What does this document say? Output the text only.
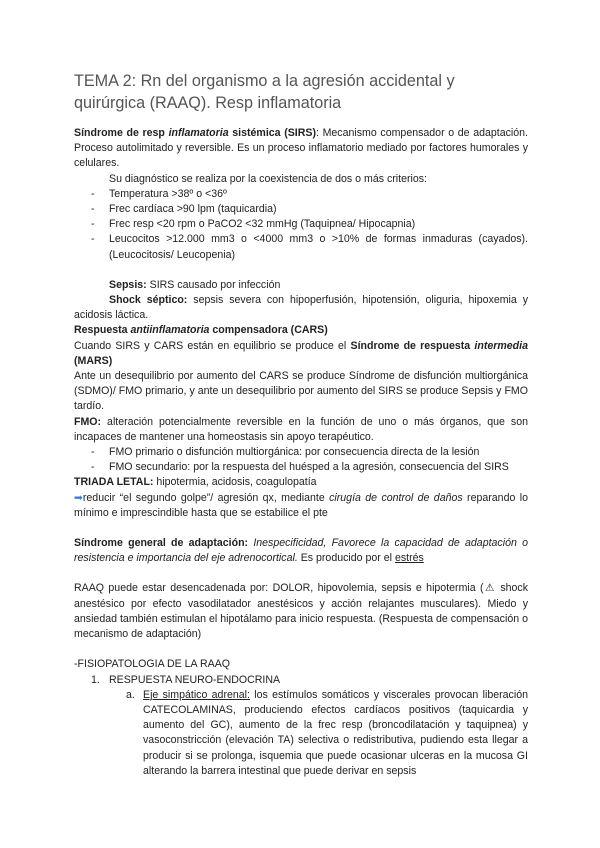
TEMA 2: Rn del organismo a la agresión accidental y quirúrgica (RAAQ). Resp inflamatoria

Síndrome de resp inflamatoria sistémica (SIRS): Mecanismo compensador o de adaptación. Proceso autolimitado y reversible. Es un proceso inflamatorio mediado por factores humorales y celulares.

Su diagnóstico se realiza por la coexistencia de dos o más criterios:

- Temperatura >38º o <36º
- Frec cardíaca >90 lpm (taquicardia)
- Frec resp <20 rpm o PaCO2 <32 mmHg (Taquipnea/ Hipocapnia)
- Leucocitos >12.000 mm3 o <4000 mm3 o >10% de formas inmaduras (cayados). (Leucocitosis/ Leucopenia)

Sepsis: SIRS causado por infección

Shock séptico: sepsis severa con hipoperfusión, hipotensión, oliguria, hipoxemia y acidosis láctica.

Respuesta antiinflamatoria compensadora (CARS)

Cuando SIRS y CARS están en equilibrio se produce el Síndrome de respuesta intermedia (MARS)

Ante un desequilibrio por aumento del CARS se produce Síndrome de disfunción multiorgánica (SDMO)/ FMO primario, y ante un desequilibrio por aumento del SIRS se produce Sepsis y FMO tardío.

FMO: alteración potencialmente reversible en la función de uno o más órganos, que son incapaces de mantener una homeostasis sin apoyo terapéutico.

- FMO primario o disfunción multiorgánica: por consecuencia directa de la lesión
- FMO secundario: por la respuesta del huésped a la agresión, consecuencia del SIRS

TRIADA LETAL: hipotermia, acidosis, coagulopatía

➡reducir “el segundo golpe”/ agresión qx, mediante cirugía de control de daños reparando lo mínimo e imprescindible hasta que se estabilice el pte

Síndrome general de adaptación: Inespecificidad, Favorece la capacidad de adaptación o resistencia e importancia del eje adrenocortical. Es producido por el estrés

RAAQ puede estar desencadenada por: DOLOR, hipovolemia, sepsis e hipotermia (⚠ shock anestésico por efecto vasodilatador anestésicos y acción relajantes musculares). Miedo y ansiedad también estimulan el hipotálamo para inicio respuesta. (Respuesta de compensación o mecanismo de adaptación)

-FISIOPATOLOGIA DE LA RAAQ

1. RESPUESTA NEURO-ENDOCRINA
a. Eje simpático adrenal: los estímulos somáticos y viscerales provocan liberación CATECOLAMINAS, produciendo efectos cardíacos positivos (taquicardia y aumento del GC), aumento de la frec resp (broncodilatación y taquipnea) y vasoconstricción (elevación TA) selectiva o redistributiva, pudiendo esta llegar a producir si se prolonga, isquemia que puede ocasionar ulceras en la mucosa GI alterando la barrera intestinal que puede derivar en sepsis
